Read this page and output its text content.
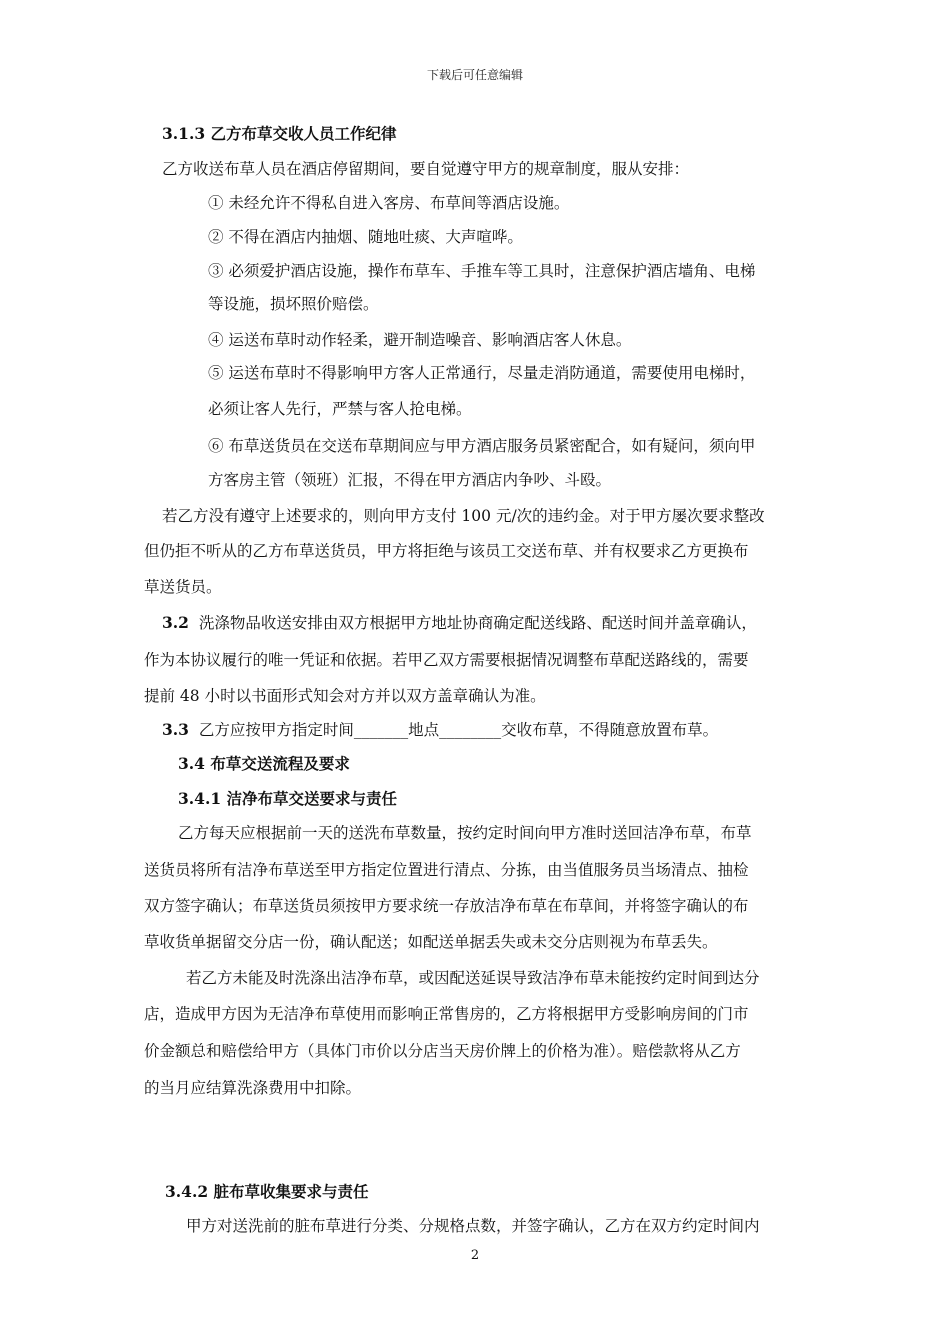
下载后可任意编辑
3.1.3 乙方布草交收人员工作纪律
乙方收送布草人员在酒店停留期间，要自觉遵守甲方的规章制度，服从安排：
① 未经允许不得私自进入客房、布草间等酒店设施。
② 不得在酒店内抽烟、随地吐痰、大声喧哗。
③ 必须爱护酒店设施，操作布草车、手推车等工具时，注意保护酒店墙角、电梯
等设施，损坏照价赔偿。
④ 运送布草时动作轻柔，避开制造噪音、影响酒店客人休息。
⑤ 运送布草时不得影响甲方客人正常通行，尽量走消防通道，需要使用电梯时，
必须让客人先行，严禁与客人抢电梯。
⑥ 布草送货员在交送布草期间应与甲方酒店服务员紧密配合，如有疑问，须向甲
方客房主管（领班）汇报，不得在甲方酒店内争吵、斗殴。
若乙方没有遵守上述要求的，则向甲方支付 100 元/次的违约金。对于甲方屡次要求整改
但仍拒不听从的乙方布草送货员，甲方将拒绝与该员工交送布草、并有权要求乙方更换布
草送货员。
3.2 洗涤物品收送安排由双方根据甲方地址协商确定配送线路、配送时间并盖章确认，
作为本协议履行的唯一凭证和依据。若甲乙双方需要根据情况调整布草配送路线的，需要
提前 48 小时以书面形式知会对方并以双方盖章确认为准。
3.3 乙方应按甲方指定时间_______地点________交收布草，不得随意放置布草。
3.4 布草交送流程及要求
3.4.1 洁净布草交送要求与责任
乙方每天应根据前一天的送洗布草数量，按约定时间向甲方准时送回洁净布草，布草
送货员将所有洁净布草送至甲方指定位置进行清点、分拣，由当值服务员当场清点、抽检
双方签字确认；布草送货员须按甲方要求统一存放洁净布草在布草间，并将签字确认的布
草收货单据留交分店一份，确认配送；如配送单据丢失或未交分店则视为布草丢失。
若乙方未能及时洗涤出洁净布草，或因配送延误导致洁净布草未能按约定时间到达分
店，造成甲方因为无洁净布草使用而影响正常售房的，乙方将根据甲方受影响房间的门市
价金额总和赔偿给甲方（具体门市价以分店当天房价牌上的价格为准）。赔偿款将从乙方
的当月应结算洗涤费用中扣除。
3.4.2 脏布草收集要求与责任
甲方对送洗前的脏布草进行分类、分规格点数，并签字确认，乙方在双方约定时间内
2
